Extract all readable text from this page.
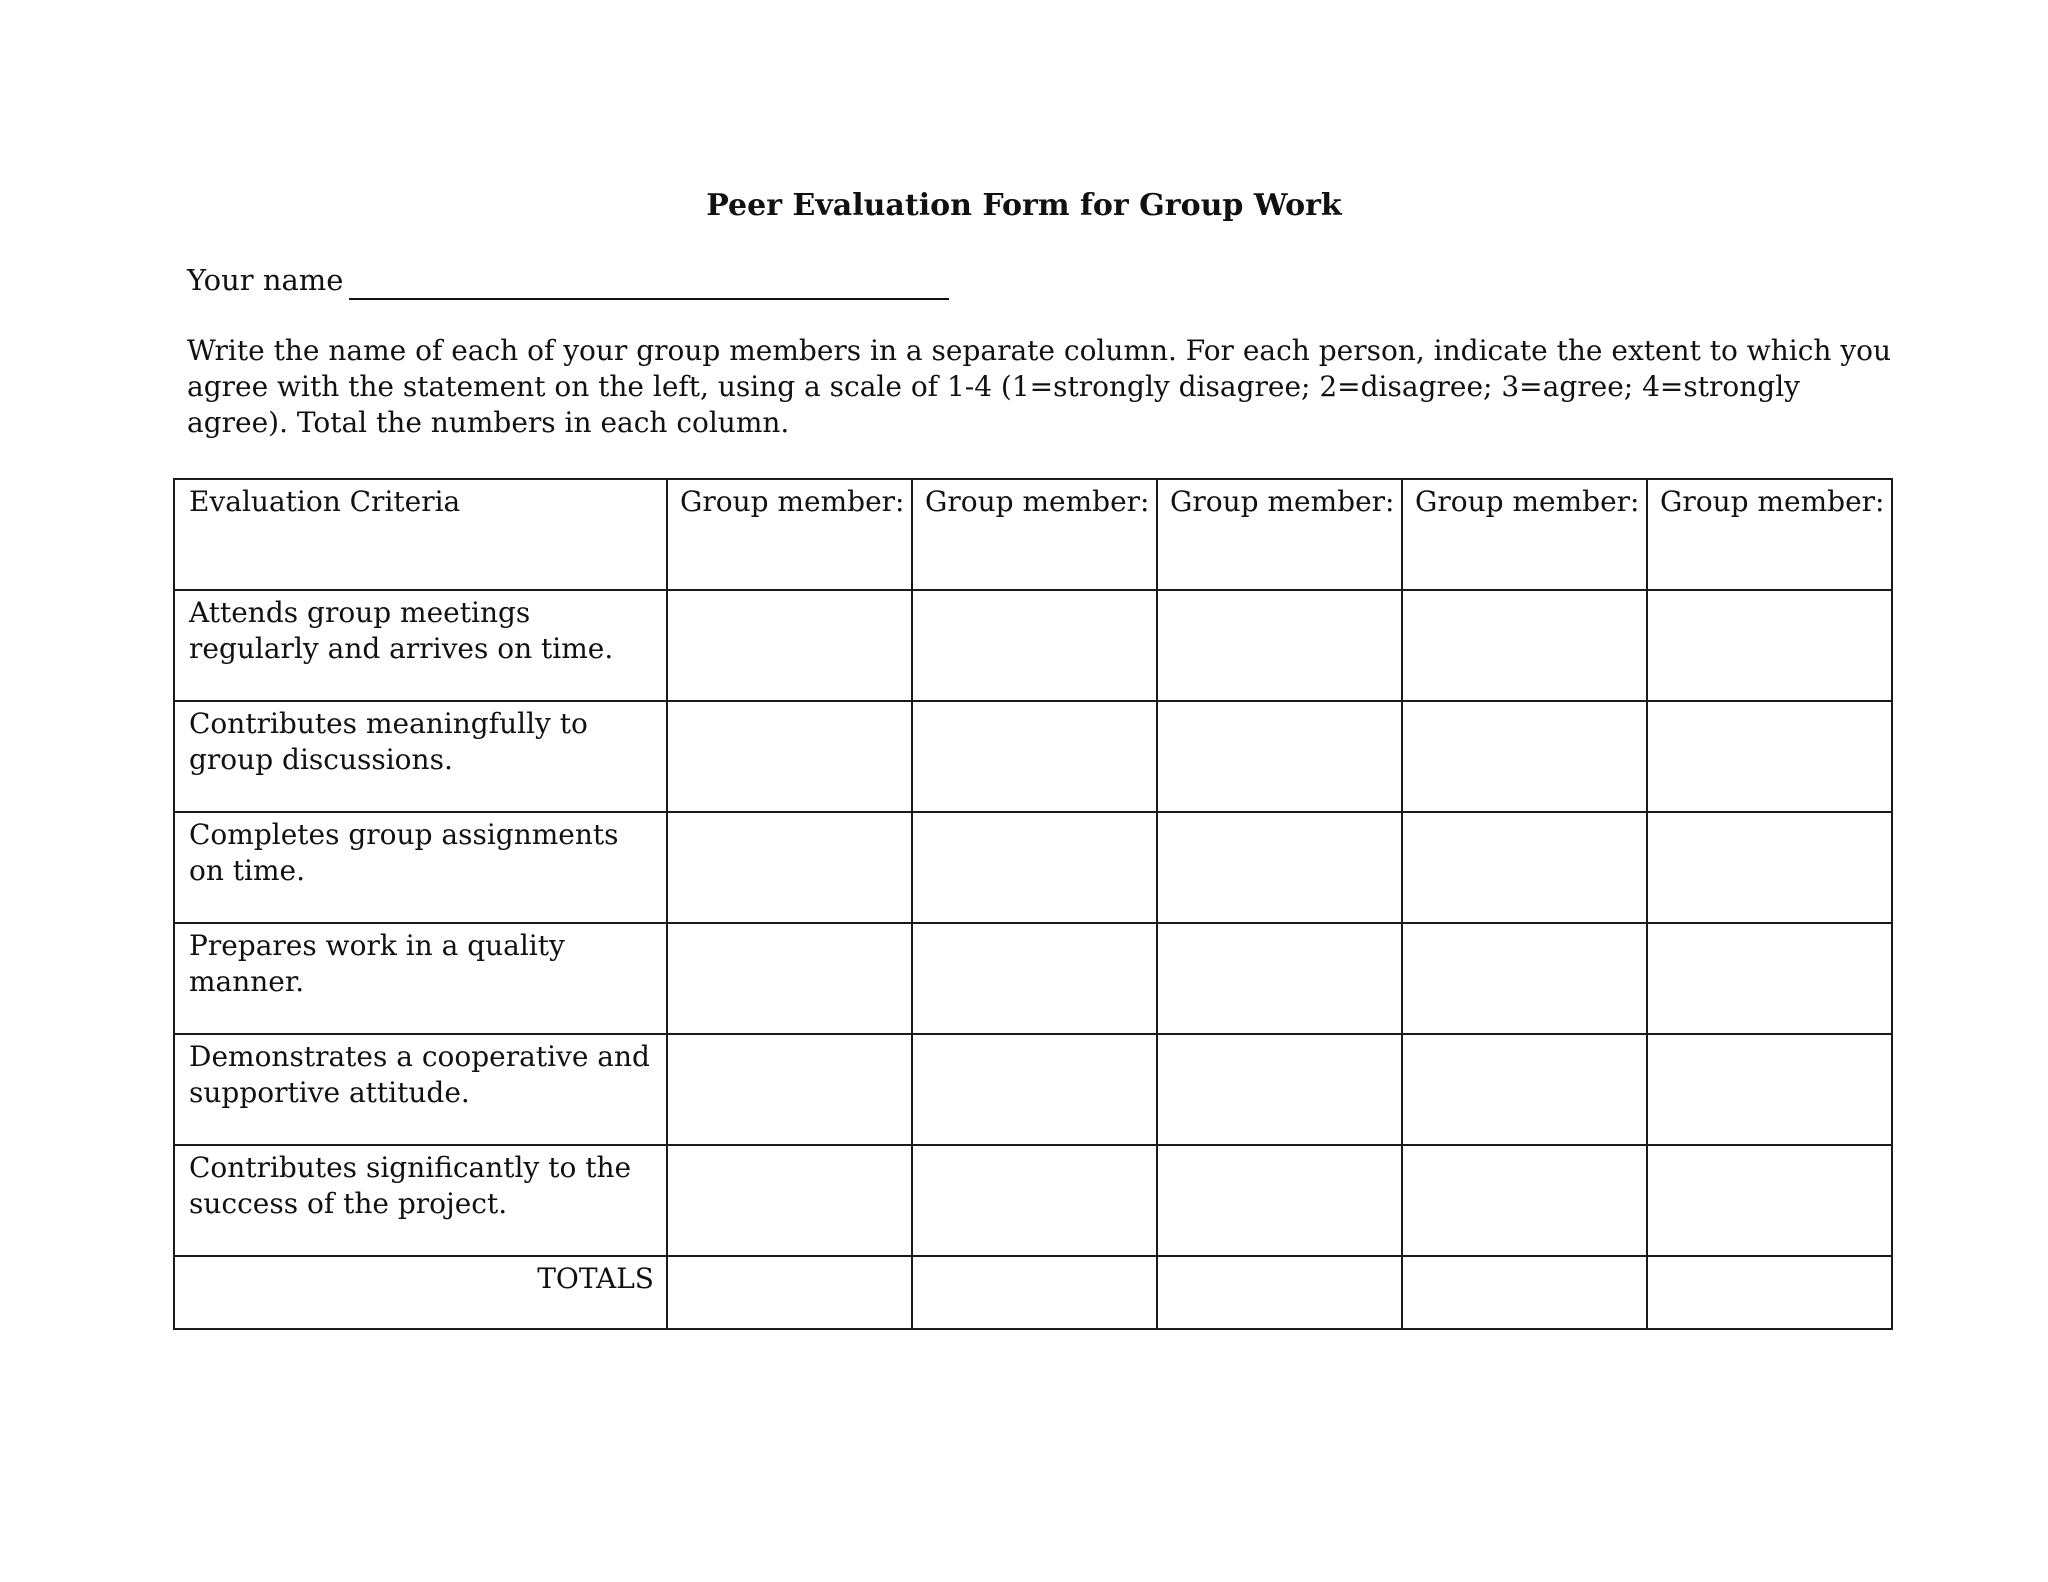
Peer Evaluation Form for Group Work
Your name
Write the name of each of your group members in a separate column. For each person, indicate the extent to which you agree with the statement on the left, using a scale of 1-4 (1=strongly disagree; 2=disagree; 3=agree; 4=strongly agree). Total the numbers in each column.
Evaluation Criteria	Group member:	Group member:	Group member:	Group member:	Group member:
Attends group meetings regularly and arrives on time.					
Contributes meaningfully to group discussions.					
Completes group assignments on time.					
Prepares work in a quality manner.					
Demonstrates a cooperative and supportive attitude.					
Contributes significantly to the success of the project.					
TOTALS					
